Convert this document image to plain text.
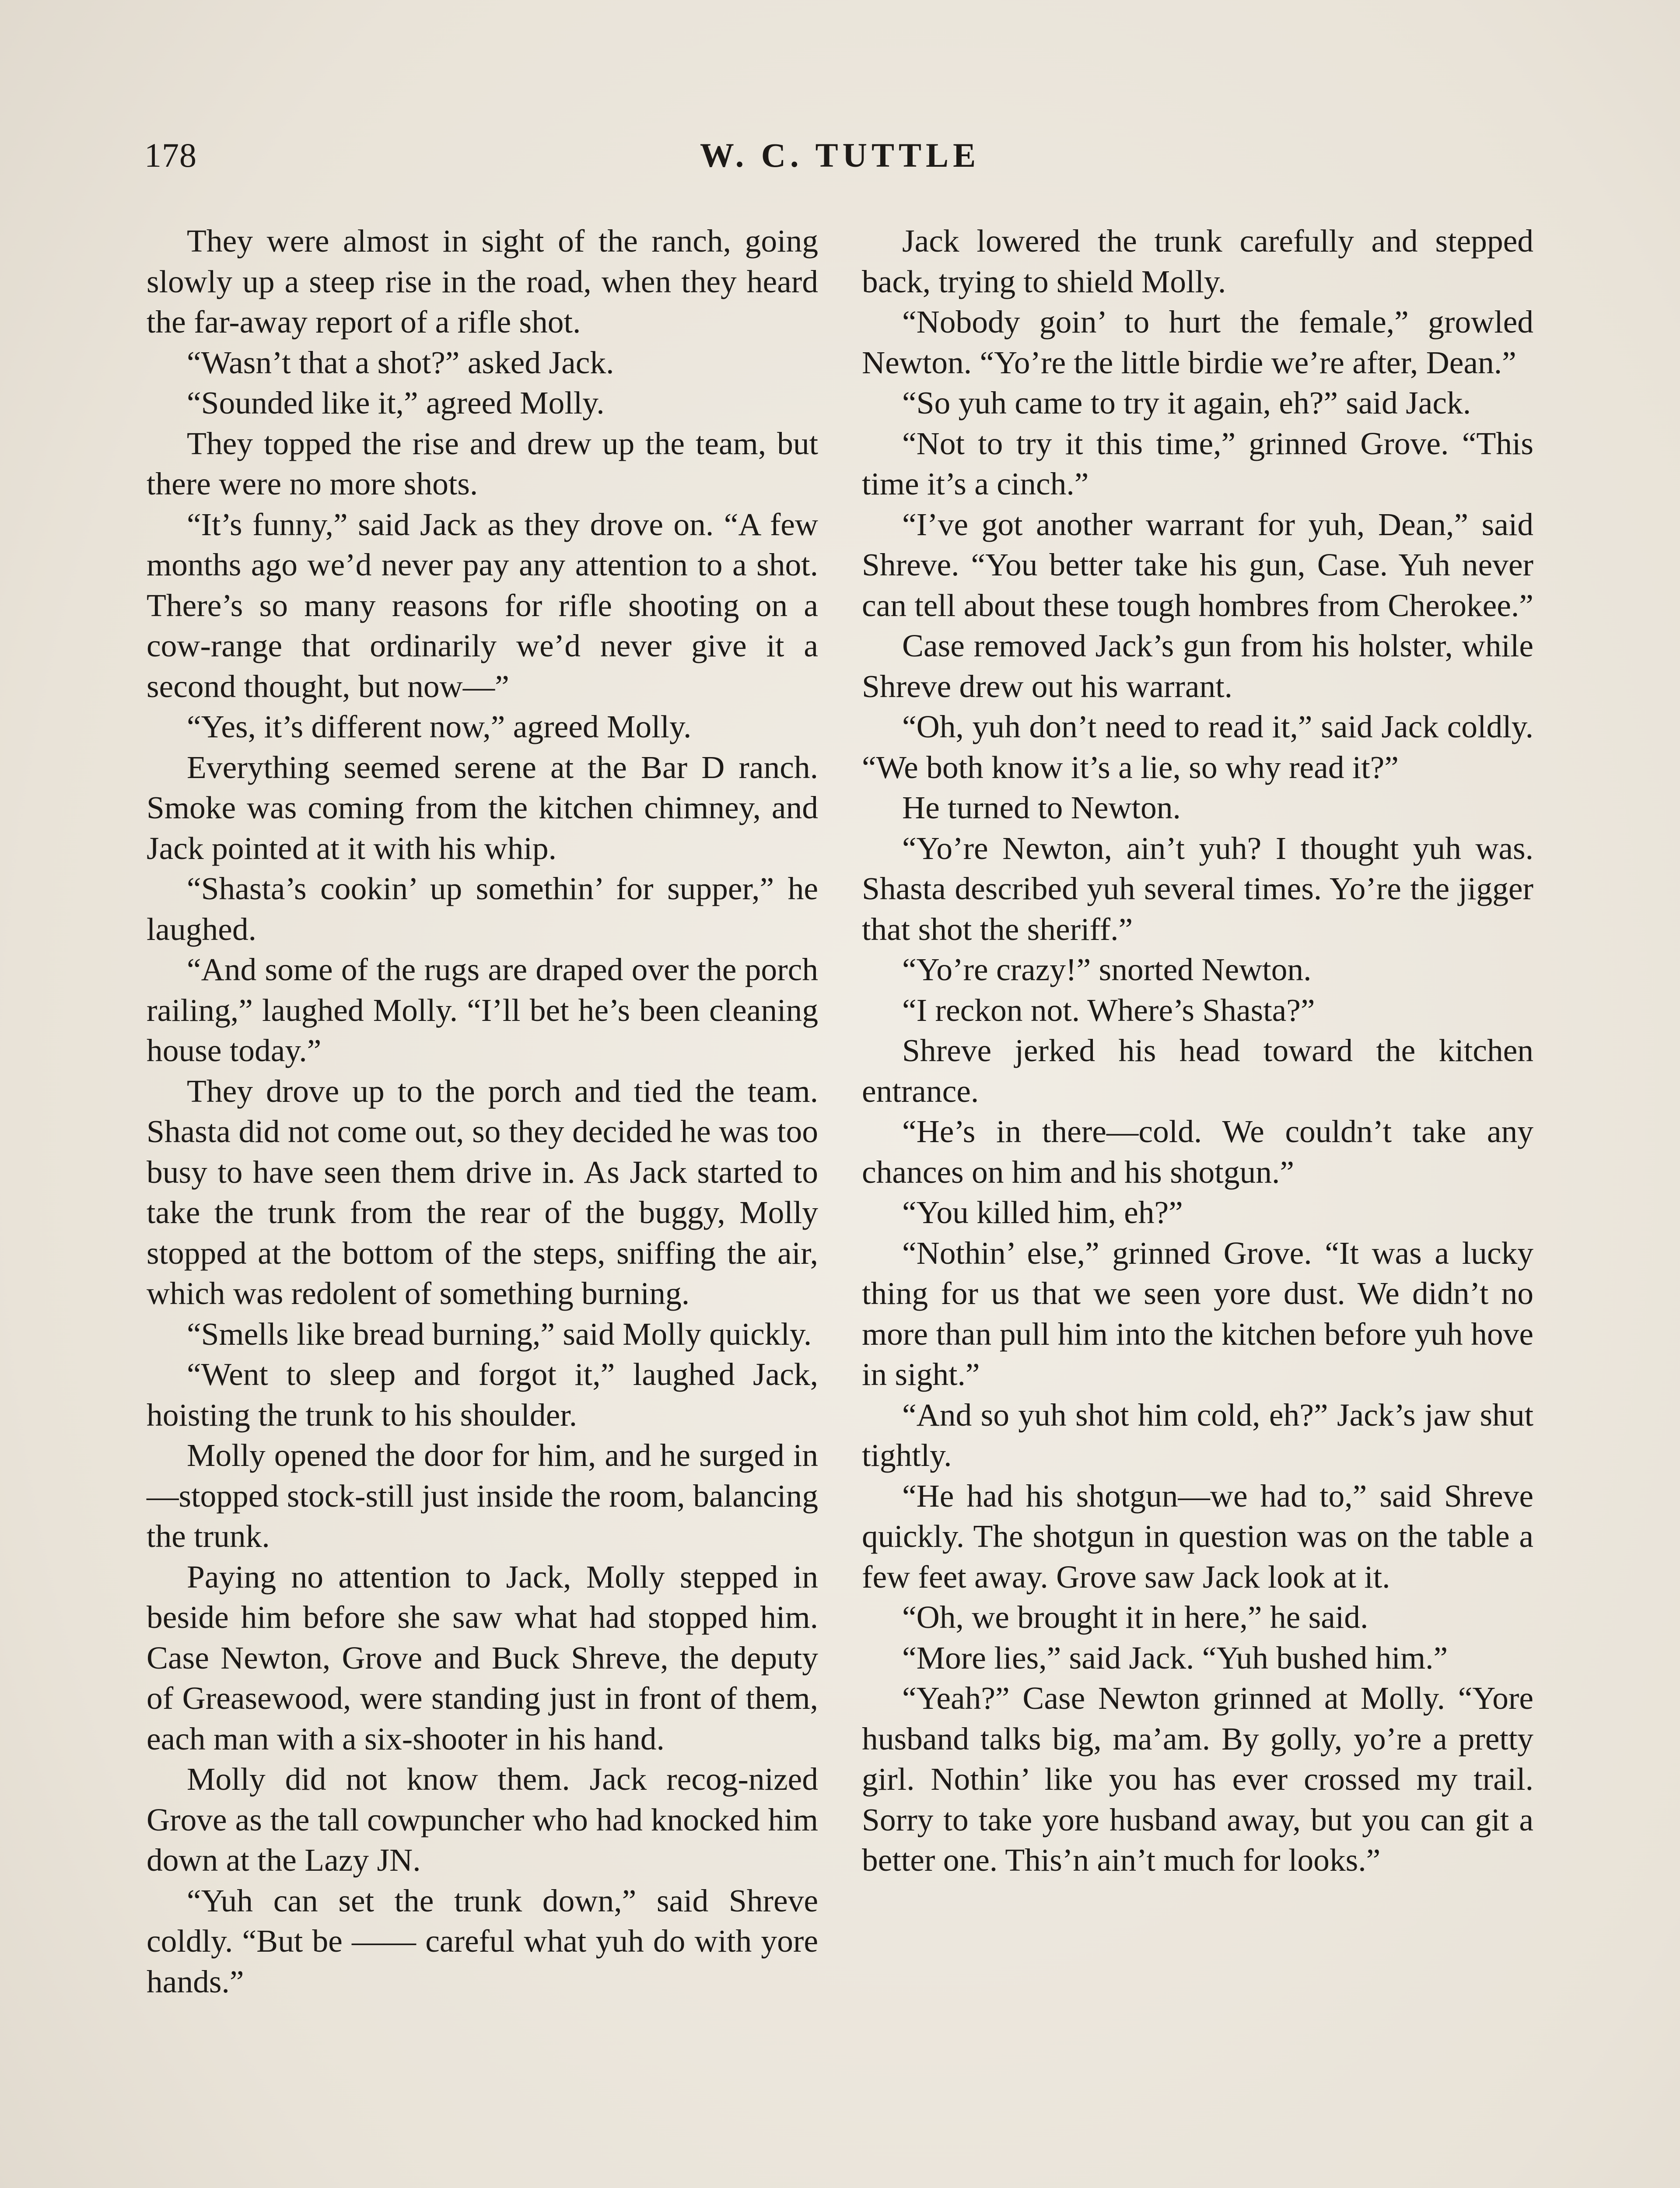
178	W. C. TUTTLE

They were almost in sight of the ranch, going slowly up a steep rise in the road, when they heard the far-away report of a rifle shot.

“Wasn’t that a shot?” asked Jack.

“Sounded like it,” agreed Molly.

They topped the rise and drew up the team, but there were no more shots.

“It’s funny,” said Jack as they drove on. “A few months ago we’d never pay any attention to a shot. There’s so many reasons for rifle shooting on a cow-range that ordinarily we’d never give it a second thought, but now—”

“Yes, it’s different now,” agreed Molly.

Everything seemed serene at the Bar D ranch. Smoke was coming from the kitchen chimney, and Jack pointed at it with his whip.

“Shasta’s cookin’ up somethin’ for supper,” he laughed.

“And some of the rugs are draped over the porch railing,” laughed Molly. “I’ll bet he’s been cleaning house today.”

They drove up to the porch and tied the team. Shasta did not come out, so they decided he was too busy to have seen them drive in. As Jack started to take the trunk from the rear of the buggy, Molly stopped at the bottom of the steps, sniffing the air, which was redolent of something burning.

“Smells like bread burning,” said Molly quickly.

“Went to sleep and forgot it,” laughed Jack, hoisting the trunk to his shoulder.

Molly opened the door for him, and he surged in—stopped stock-still just inside the room, balancing the trunk.

Paying no attention to Jack, Molly stepped in beside him before she saw what had stopped him. Case Newton, Grove and Buck Shreve, the deputy of Greasewood, were standing just in front of them, each man with a six-shooter in his hand.

Molly did not know them. Jack recog-nized Grove as the tall cowpuncher who had knocked him down at the Lazy JN.

“Yuh can set the trunk down,” said Shreve coldly. “But be —— careful what yuh do with yore hands.”

Jack lowered the trunk carefully and stepped back, trying to shield Molly.

“Nobody goin’ to hurt the female,” growled Newton. “Yo’re the little birdie we’re after, Dean.”

“So yuh came to try it again, eh?” said Jack.

“Not to try it this time,” grinned Grove. “This time it’s a cinch.”

“I’ve got another warrant for yuh, Dean,” said Shreve. “You better take his gun, Case. Yuh never can tell about these tough hombres from Cherokee.”

Case removed Jack’s gun from his holster, while Shreve drew out his warrant.

“Oh, yuh don’t need to read it,” said Jack coldly. “We both know it’s a lie, so why read it?”

He turned to Newton.

“Yo’re Newton, ain’t yuh? I thought yuh was. Shasta described yuh several times. Yo’re the jigger that shot the sheriff.”

“Yo’re crazy!” snorted Newton.

“I reckon not. Where’s Shasta?”

Shreve jerked his head toward the kitchen entrance.

“He’s in there—cold. We couldn’t take any chances on him and his shotgun.”

“You killed him, eh?”

“Nothin’ else,” grinned Grove. “It was a lucky thing for us that we seen yore dust. We didn’t no more than pull him into the kitchen before yuh hove in sight.”

“And so yuh shot him cold, eh?” Jack’s jaw shut tightly.

“He had his shotgun—we had to,” said Shreve quickly. The shotgun in question was on the table a few feet away. Grove saw Jack look at it.

“Oh, we brought it in here,” he said.

“More lies,” said Jack. “Yuh bushed him.”

“Yeah?” Case Newton grinned at Molly. “Yore husband talks big, ma’am. By golly, yo’re a pretty girl. Nothin’ like you has ever crossed my trail. Sorry to take yore husband away, but you can git a better one. This’n ain’t much for looks.”
